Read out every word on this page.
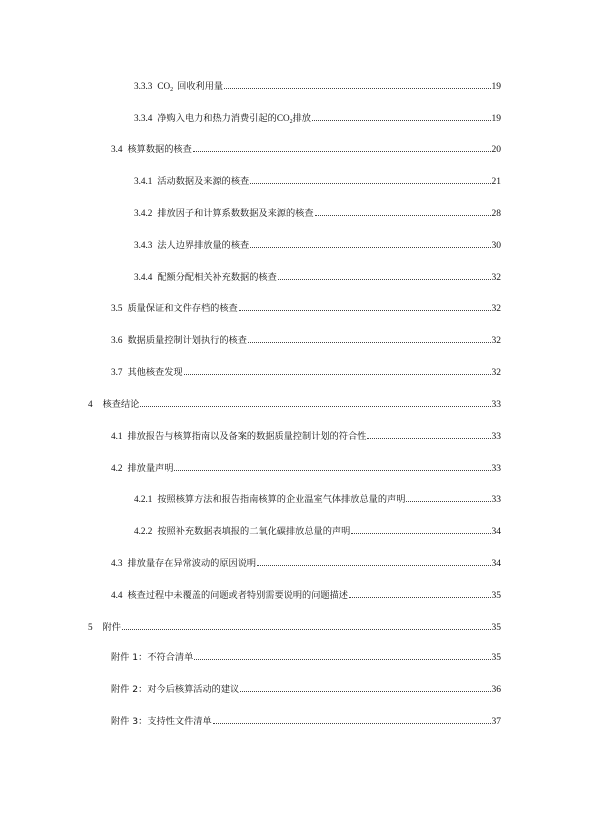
3.3.3 $CO_2$ 回收利用量	19
3.3.4 净购入电力和热力消费引起的 $CO_2$ 排放	19
3.4 核算数据的核查	20
3.4.1 活动数据及来源的核查	21
3.4.2 排放因子和计算系数数据及来源的核查	28
3.4.3 法人边界排放量的核查	30
3.4.4 配额分配相关补充数据的核查	32
3.5 质量保证和文件存档的核查	32
3.6 数据质量控制计划执行的核查	32
3.7 其他核查发现	32
4 核查结论	33
4.1 排放报告与核算指南以及备案的数据质量控制计划的符合性	33
4.2 排放量声明	33
4.2.1 按照核算方法和报告指南核算的企业温室气体排放总量的声明	33
4.2.2 按照补充数据表填报的二氧化碳排放总量的声明	34
4.3 排放量存在异常波动的原因说明	34
4.4 核查过程中未覆盖的问题或者特别需要说明的问题描述	35
5 附件	35
附件 1：不符合清单	35
附件 2：对今后核算活动的建议	36
附件 3：支持性文件清单	37
